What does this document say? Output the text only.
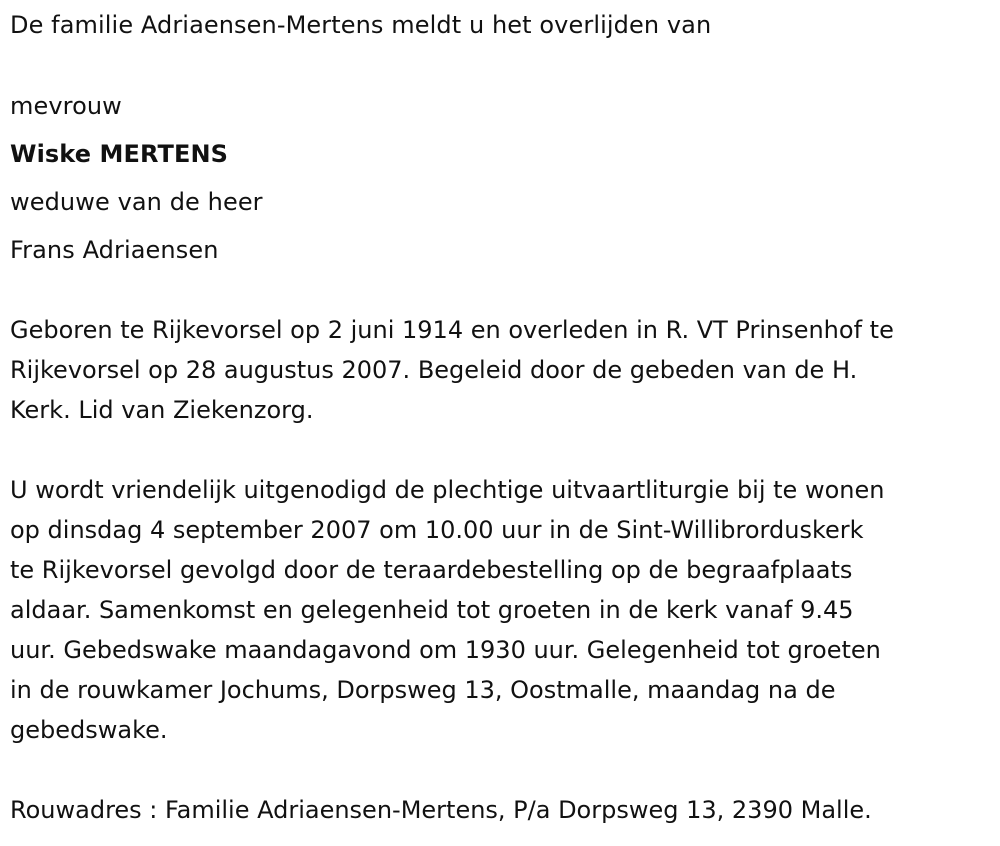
De familie Adriaensen-Mertens meldt u het overlijden van
mevrouw
Wiske MERTENS
weduwe van de heer
Frans Adriaensen
Geboren te Rijkevorsel op 2 juni 1914 en overleden in R. VT Prinsenhof te
Rijkevorsel op 28 augustus 2007. Begeleid door de gebeden van de H.
Kerk. Lid van Ziekenzorg.
U wordt vriendelijk uitgenodigd de plechtige uitvaartliturgie bij te wonen
op dinsdag 4 september 2007 om 10.00 uur in de Sint-Willibrorduskerk
te Rijkevorsel gevolgd door de teraardebestelling op de begraafplaats
aldaar. Samenkomst en gelegenheid tot groeten in de kerk vanaf 9.45
uur. Gebedswake maandagavond om 1930 uur. Gelegenheid tot groeten
in de rouwkamer Jochums, Dorpsweg 13, Oostmalle, maandag na de
gebedswake.
Rouwadres : Familie Adriaensen-Mertens, P/a Dorpsweg 13, 2390 Malle.
